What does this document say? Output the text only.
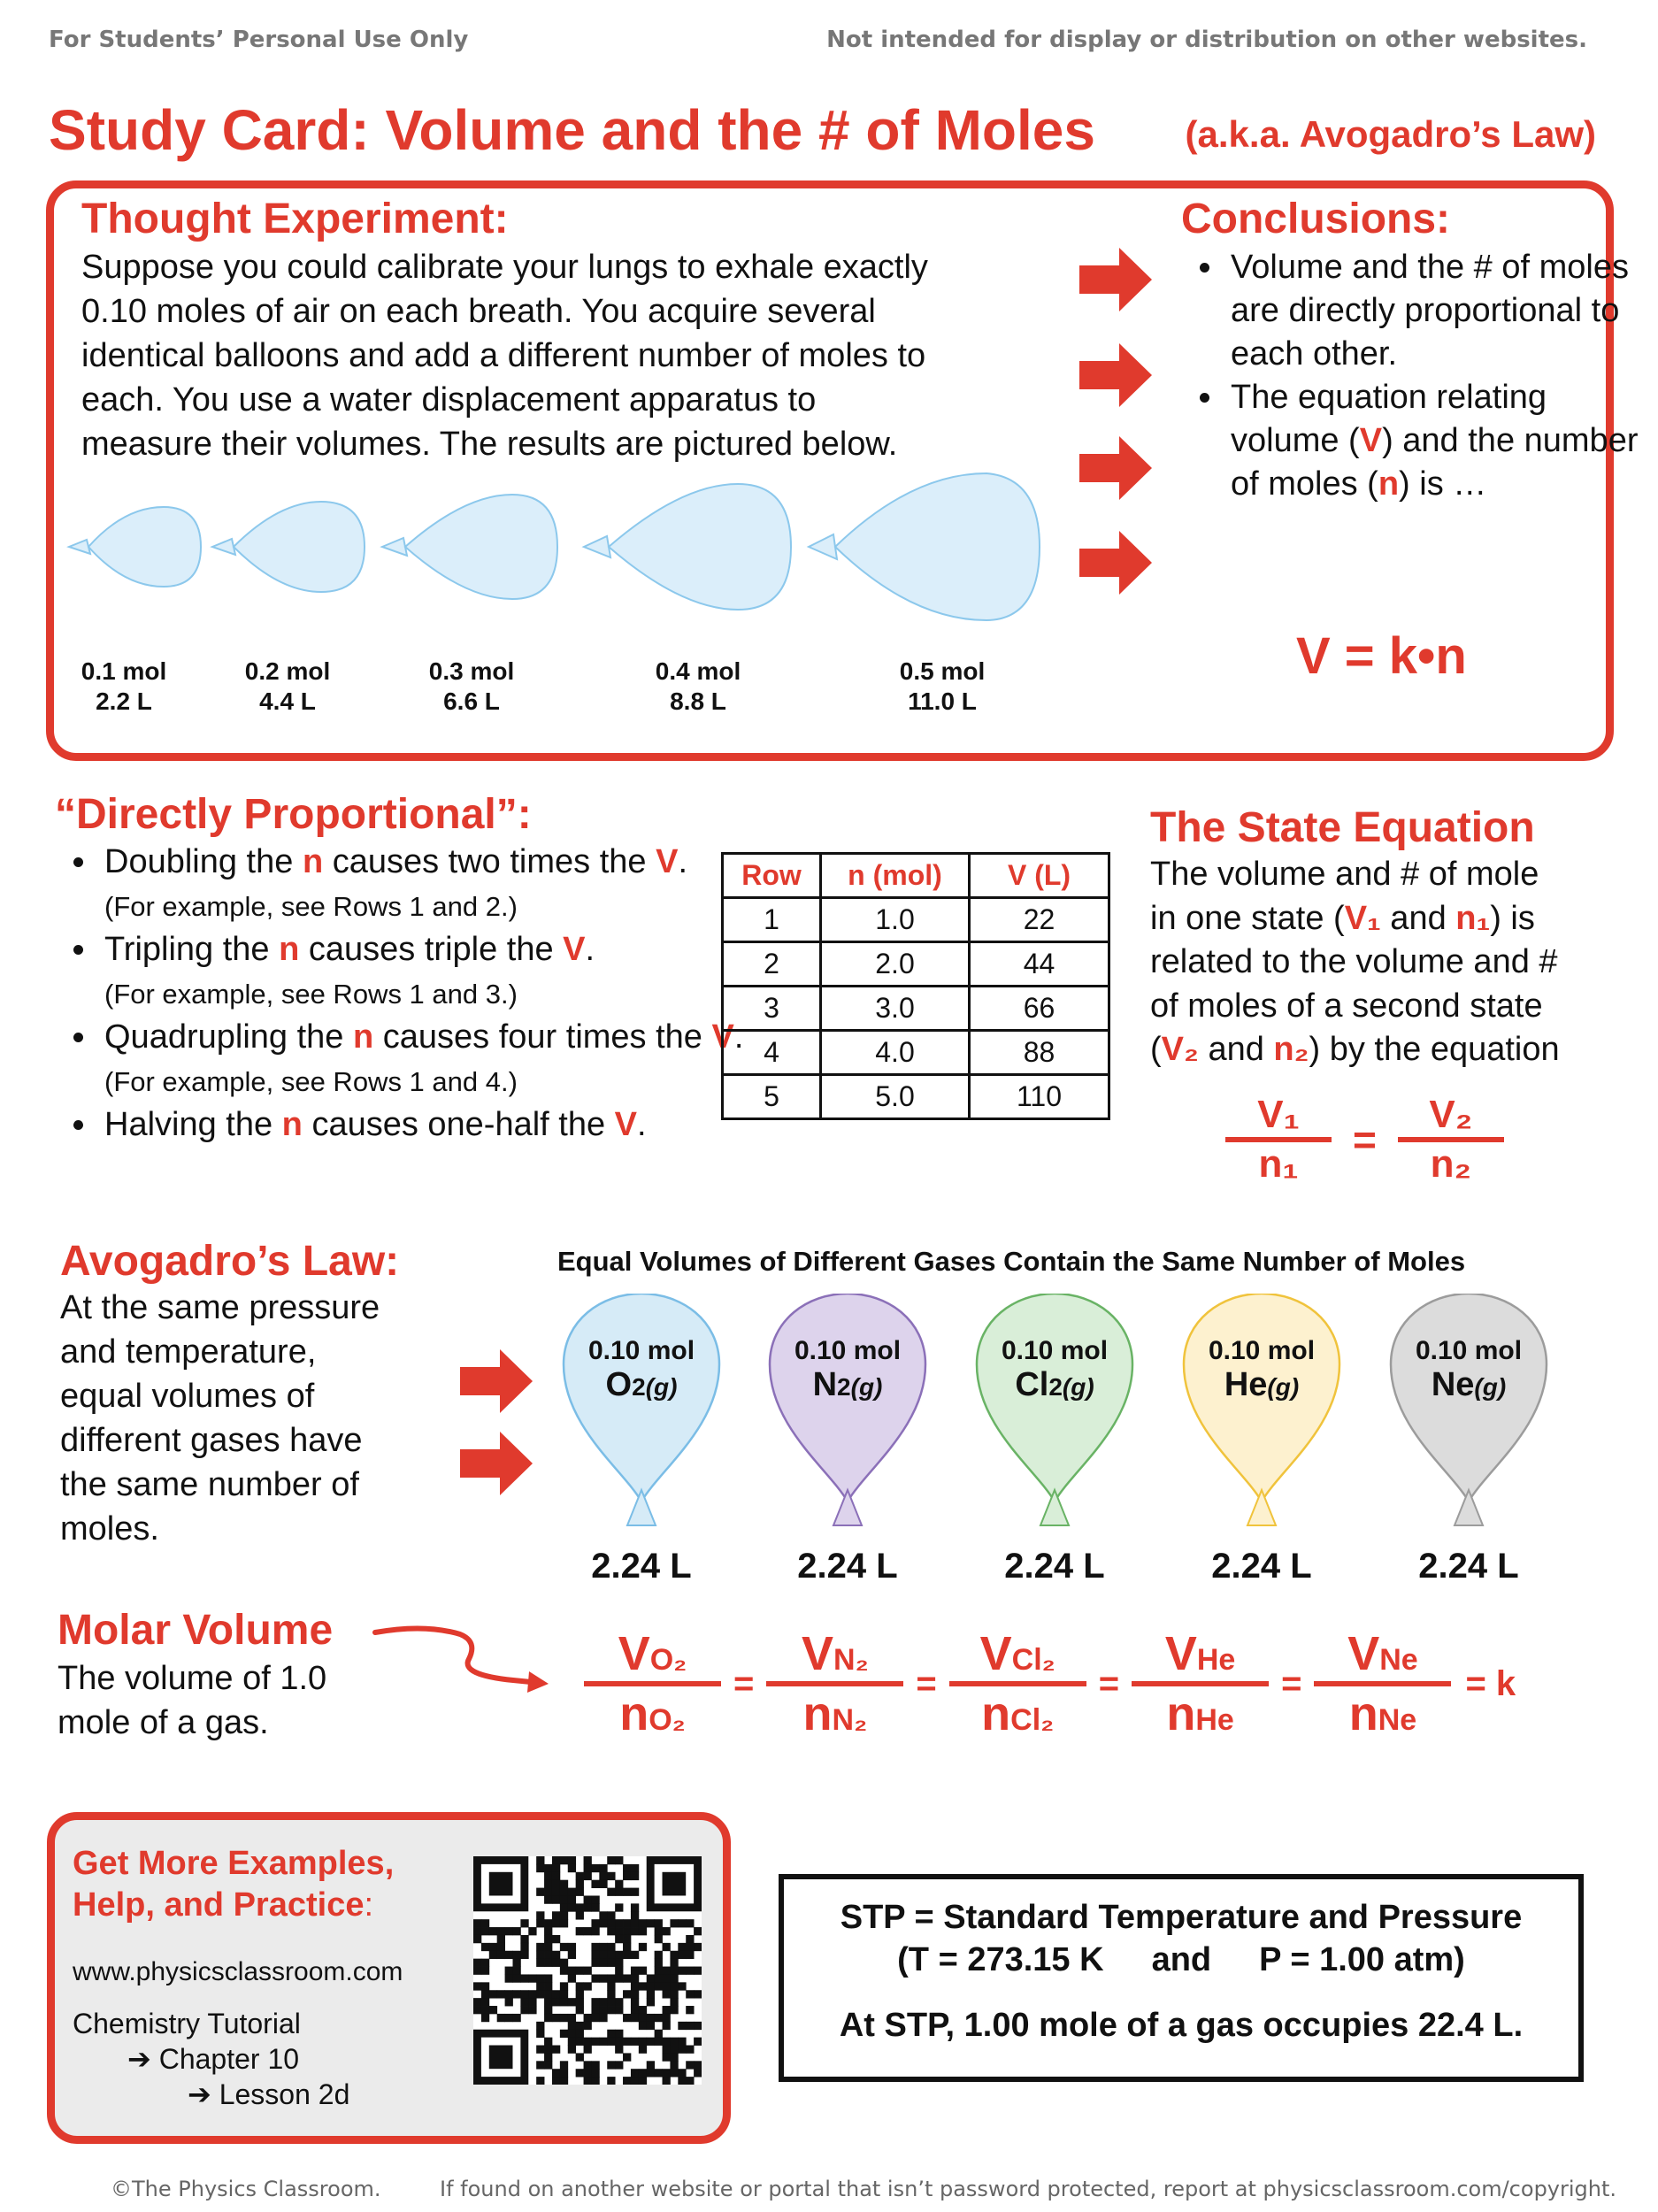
For Students’ Personal Use Only	Not intended for display or distribution on other websites.
Study Card: Volume and the # of Moles (a.k.a. Avogadro’s Law)
Thought Experiment:

Suppose you could calibrate your lungs to exhale exactly

0.10 moles of air on each breath. You acquire several

identical balloons and add a different number of moles to

each. You use a water displacement apparatus to

measure their volumes. The results are pictured below.

0.1 mol
2.2 L
0.2 mol
4.4 L
0.3 mol
6.6 L
0.4 mol
8.8 L
0.5 mol
11.0 L
Conclusions:
• Volume and the # of moles are directly proportional to each other.
• The equation relating volume (V) and the number of moles (n) is …
V = k•n
“Directly Proportional”:
• Doubling the n causes two times the V.  (For example, see Rows 1 and 2.)
• Tripling the n causes triple the V.
(For example, see Rows 1 and 3.)
• Quadrupling the n causes four times the V.  (For example, see Rows 1 and 4.)
• Halving the n causes one-half the V.
Row	n (mol)	V (L)
1	1.0	22
2	2.0	44
3	3.0	66
4	4.0	88
5	5.0	110
The State Equation

The volume and # of mole

in one state (V₁ and n₁) is

related to the volume and #

of moles of a second state

(V₂ and n₂) by the equation

V₁
n₁
=
V₂
n₂
Avogadro’s Law:

At the same pressure

and temperature,

equal volumes of

different gases have

the same number of

moles.

Equal Volumes of Different Gases Contain the Same Number of Moles
0.10 mol
O2(g)
0.10 mol
N2(g)
0.10 mol
Cl2(g)
0.10 mol
He(g)
0.10 mol
Ne(g)
2.24 L	2.24 L	2.24 L	2.24 L	2.24 L
Molar Volume

The volume of 1.0

mole of a gas.

VO₂
nO₂
=
VN₂
nN₂
=
VCl₂
nCl₂
=
VHe
nHe
=
VNe
nNe
= k
Get More Examples,
Help, and Practice:
www.physicsclassroom.com
Chemistry Tutorial
➔ Chapter 10
➔ Lesson 2d
STP = Standard Temperature and Pressure
(T = 273.15 K and P = 1.00 atm)
At STP, 1.00 mole of a gas occupies 22.4 L.
©The Physics Classroom.	If found on another website or portal that isn’t password protected, report at physicsclassroom.com/copyright.
